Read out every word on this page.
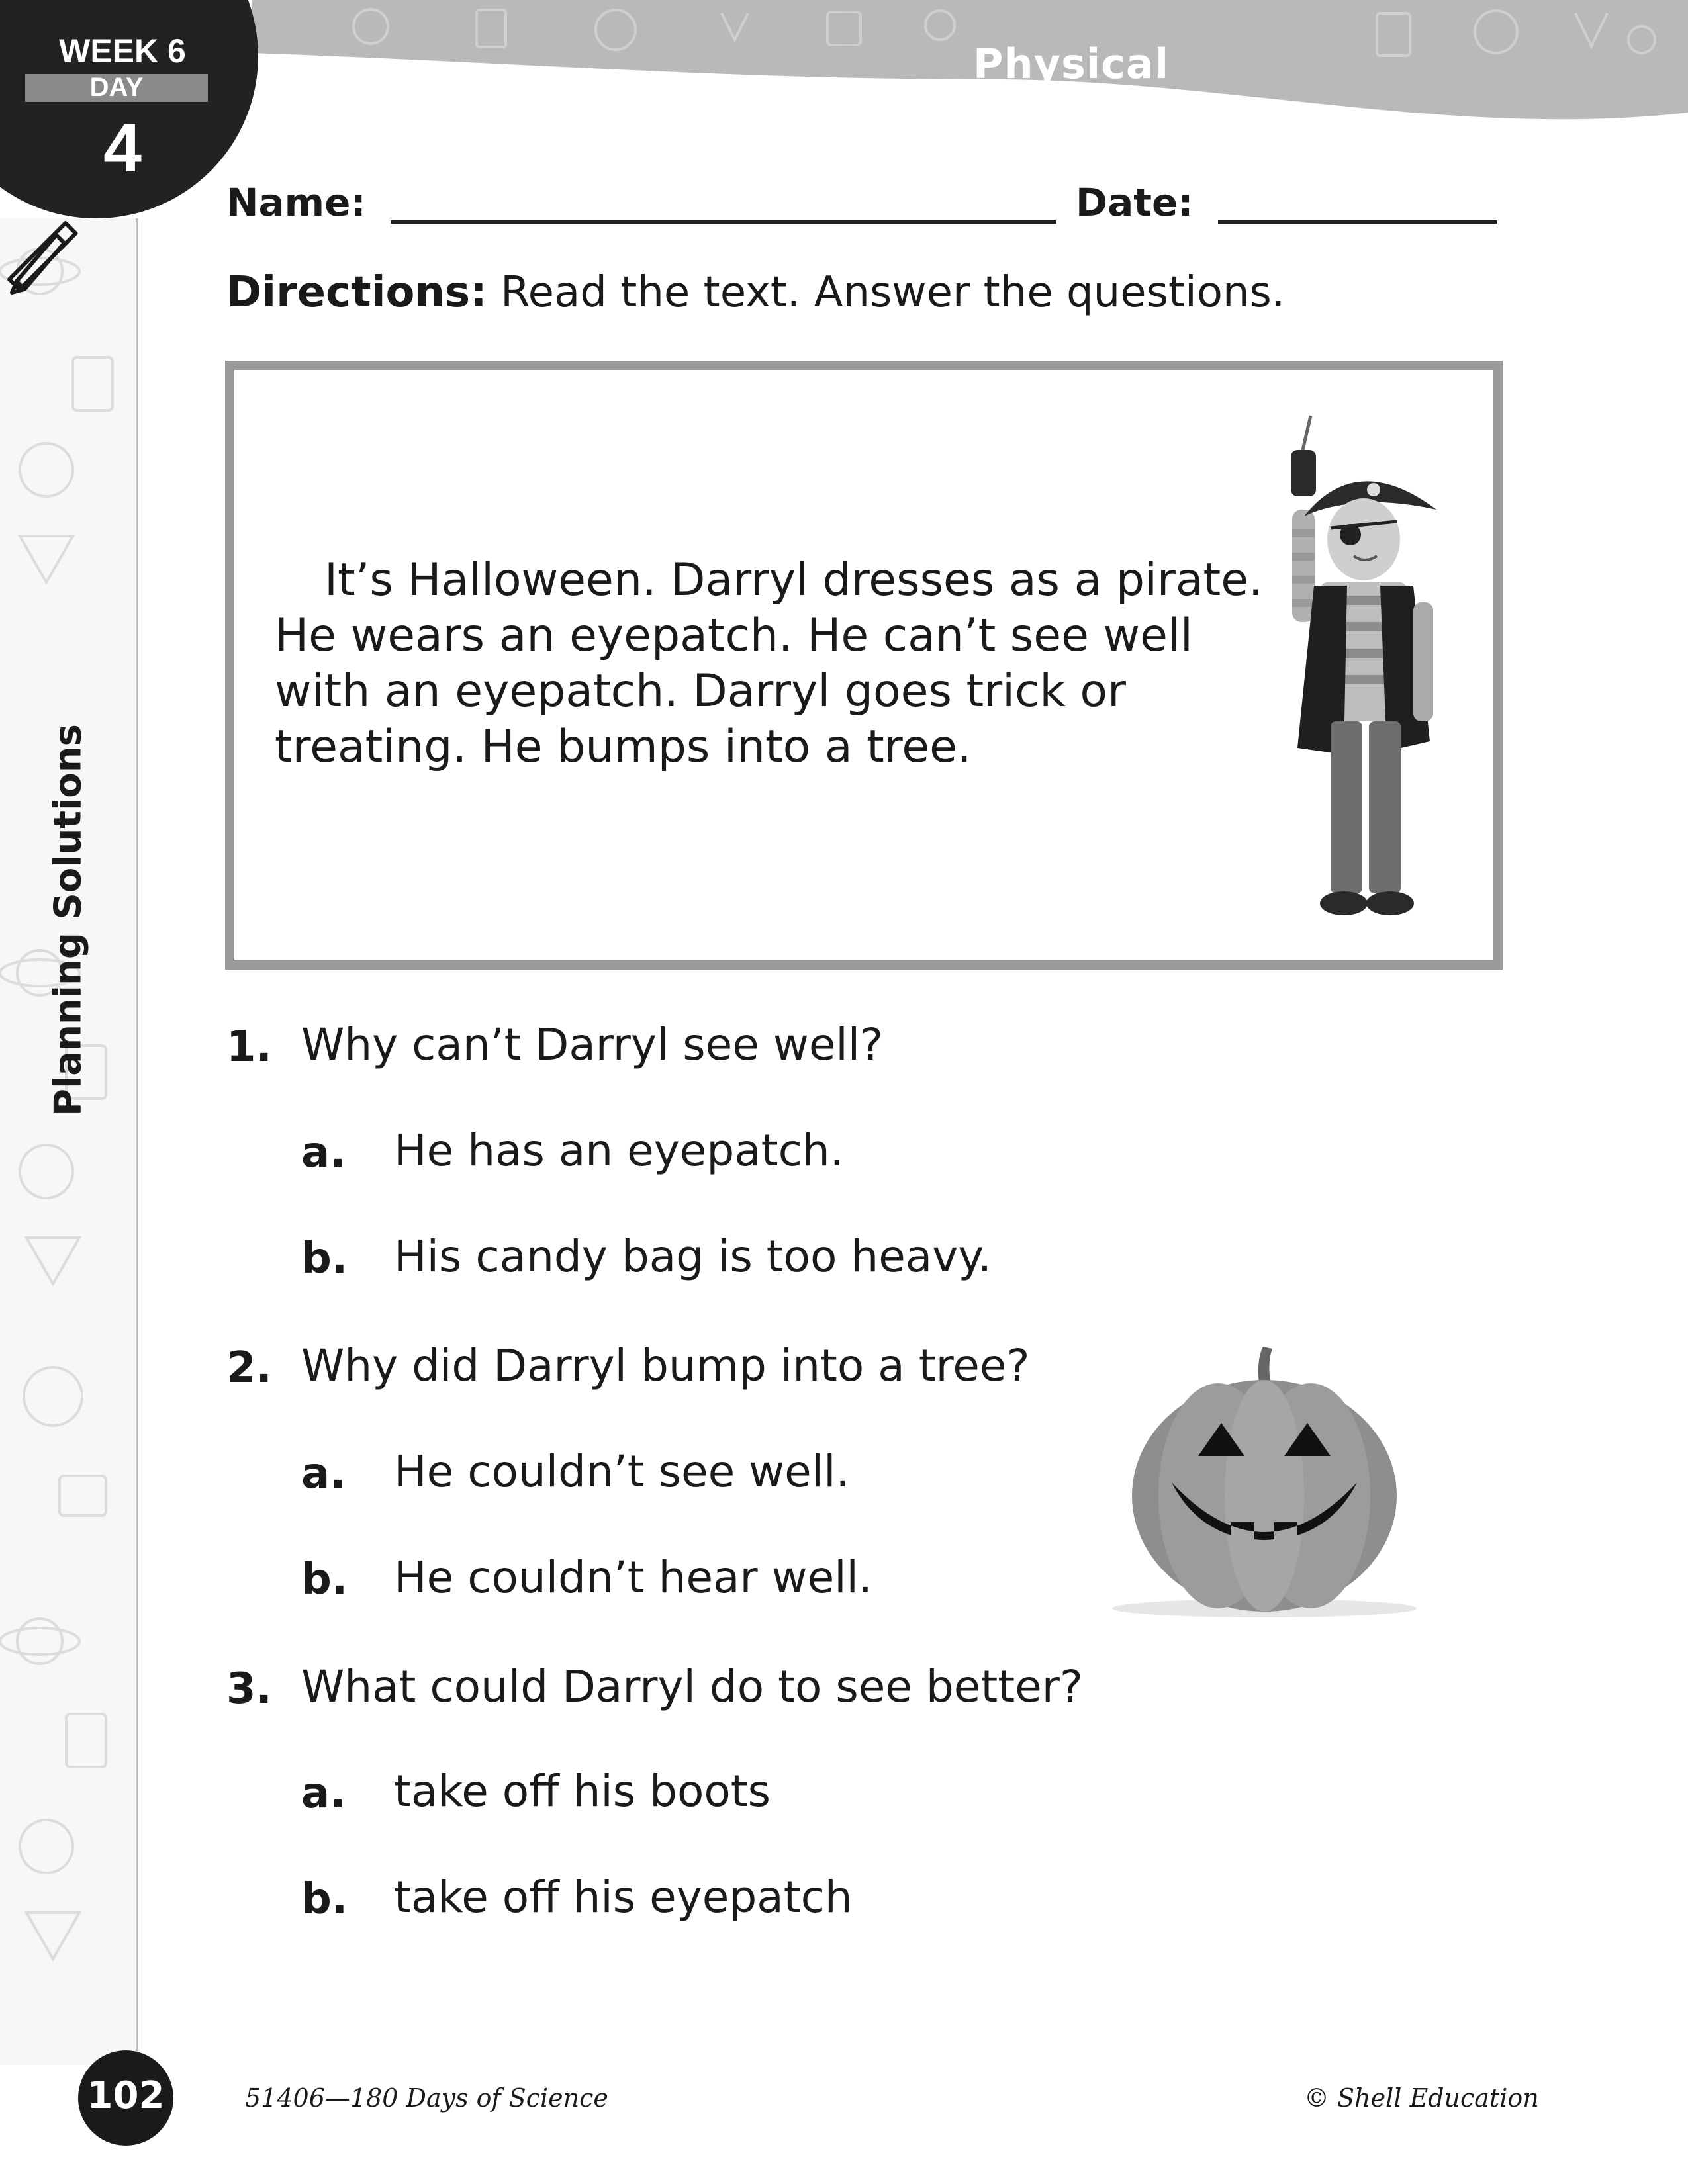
Physical Science
WEEK 6
DAY
4
Planning Solutions
Name:	Date:
Directions: Read the text. Answer the questions.
It’s Halloween. Darryl dresses as a pirate. He wears an eyepatch. He can’t see well with an eyepatch. Darryl goes trick or treating. He bumps into a tree.
1. Why can’t Darryl see well?
a. He has an eyepatch.
b. His candy bag is too heavy.
2. Why did Darryl bump into a tree?
a. He couldn’t see well.
b. He couldn’t hear well.
3. What could Darryl do to see better?
a. take off his boots
b. take off his eyepatch
102	51406—180 Days of Science	© Shell Education
